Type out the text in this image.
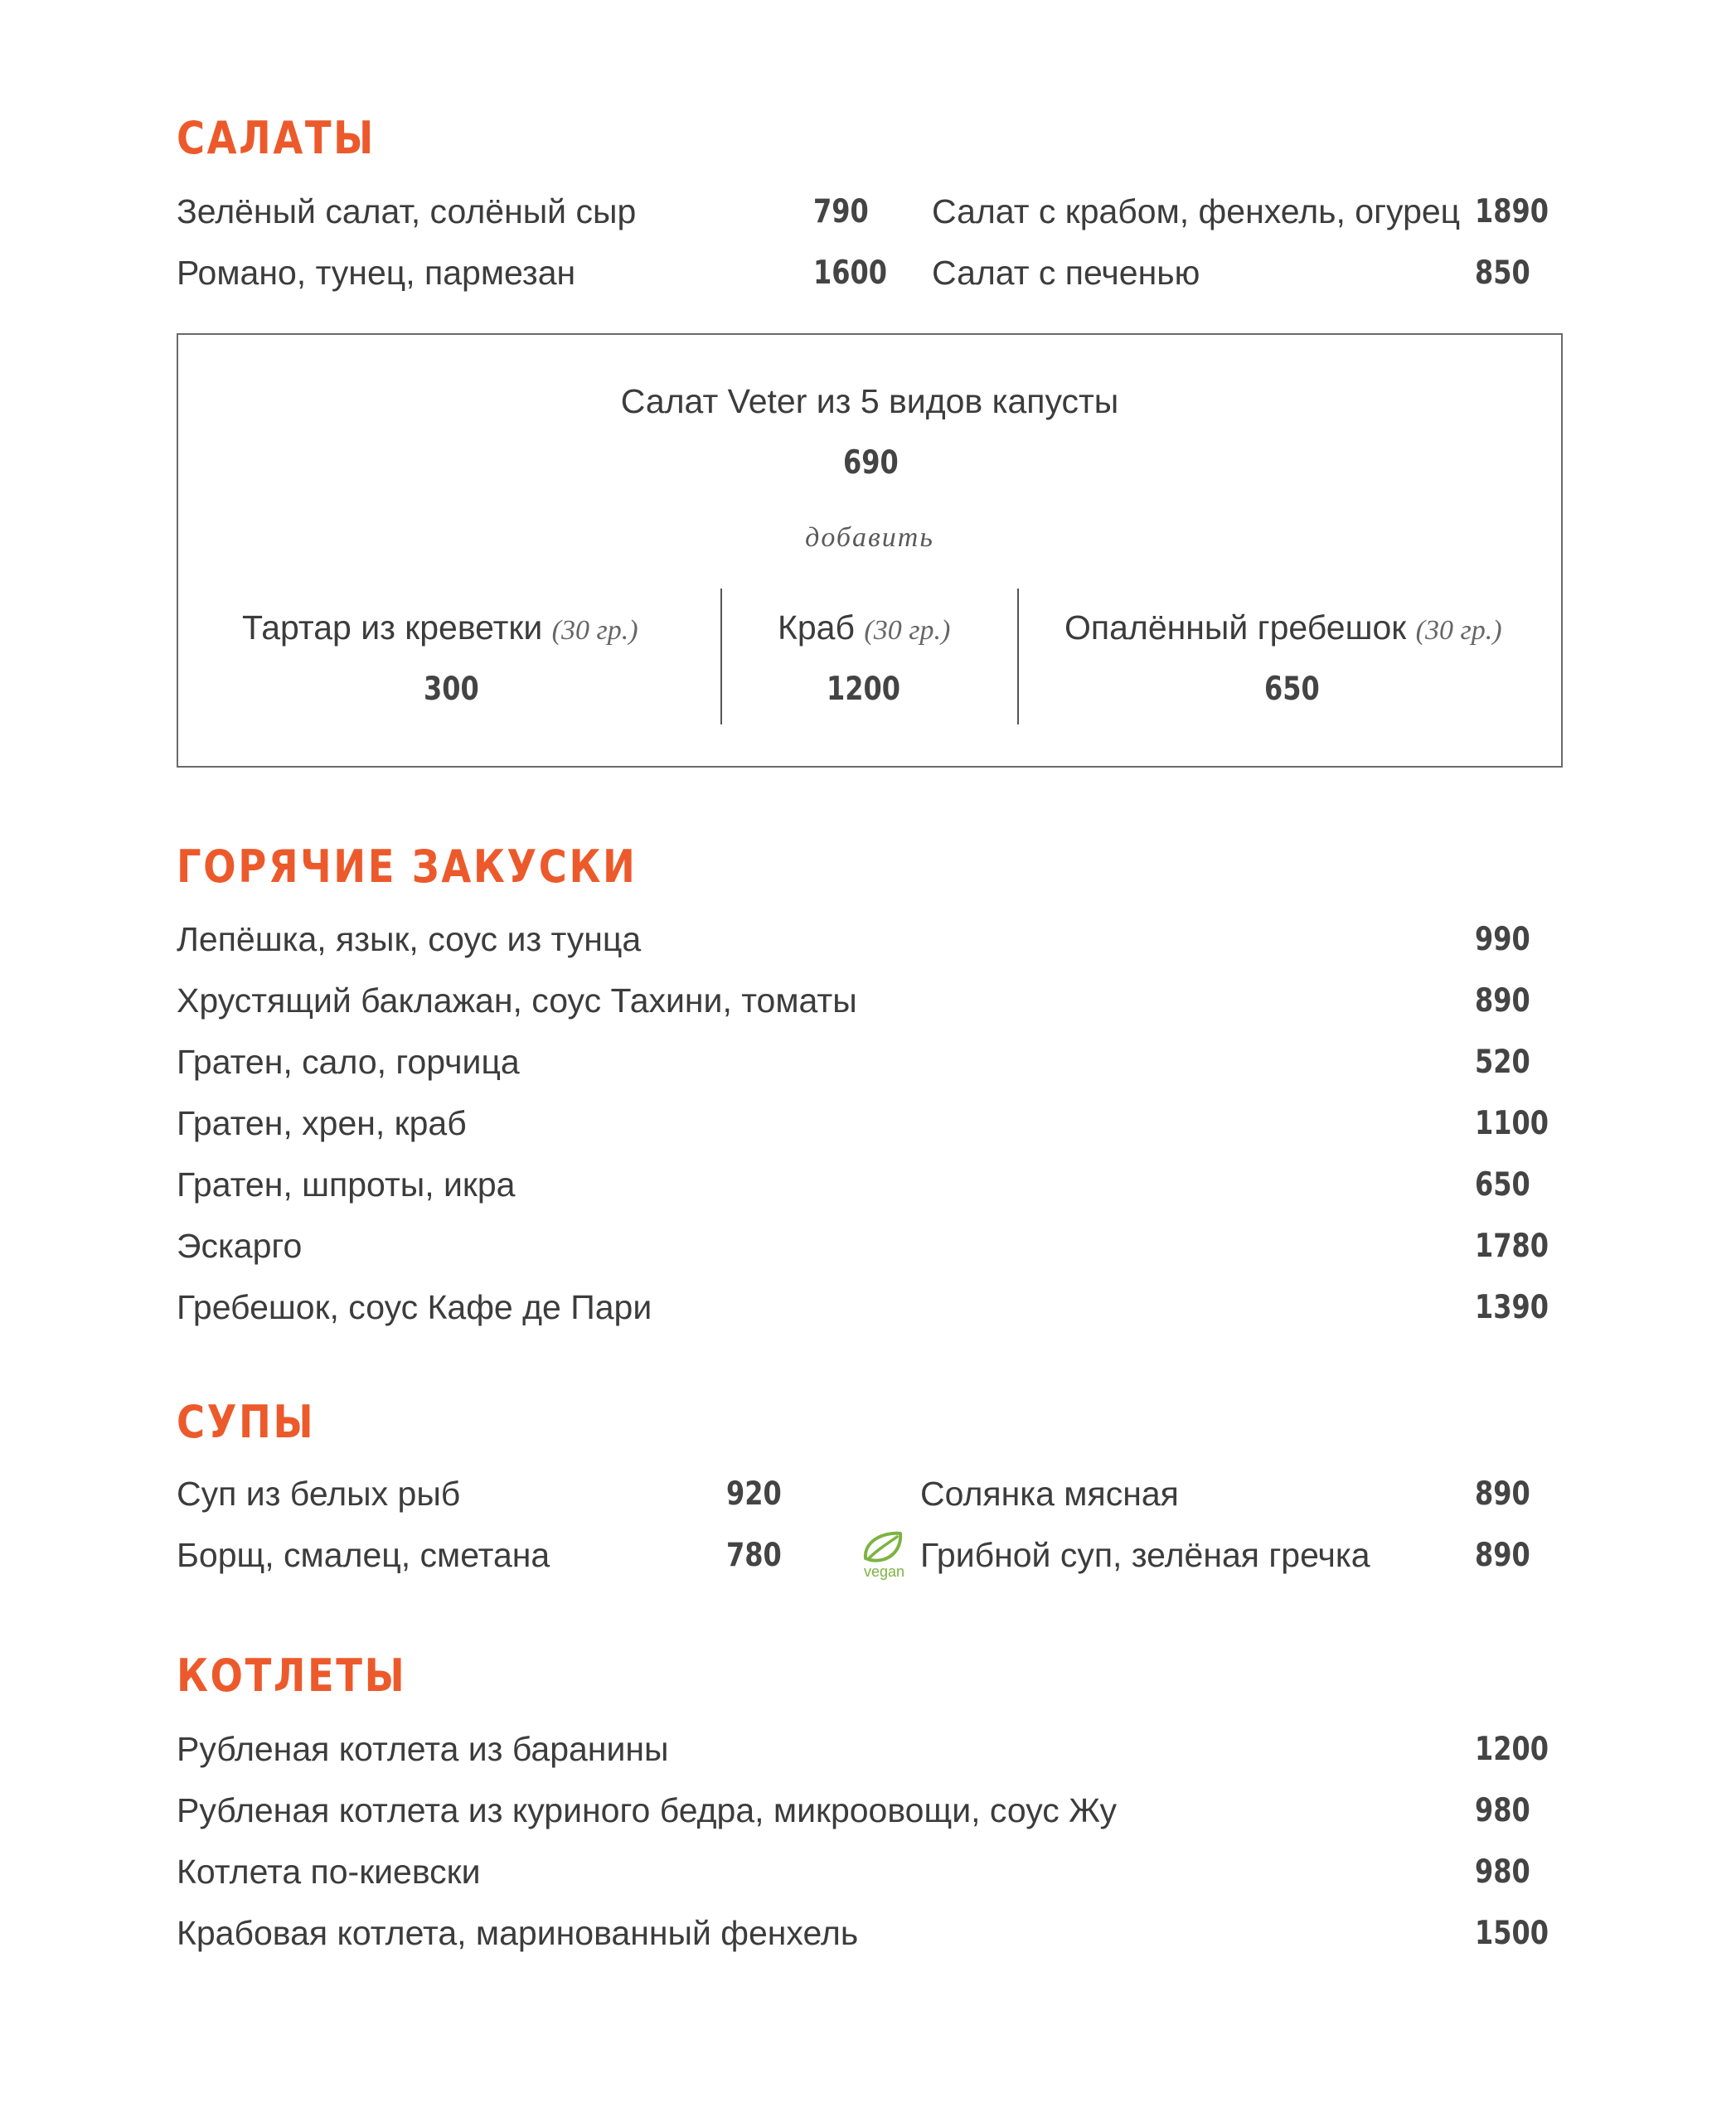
САЛАТЫ
Зелёный салат, солёный сыр	790
Романо, тунец, пармезан	1600
Салат с крабом, фенхель, огурец 1890
Салат с печенью	850
Салат Veter из 5 видов капусты
690
добавить
Тартар из креветки (30 гр.)
300
Краб (30 гр.)
1200
Опалённый гребешок (30 гр.)
650
ГОРЯЧИЕ ЗАКУСКИ
Лепёшка, язык, соус из тунца	990
Хрустящий баклажан, соус Тахини, томаты	890
Гратен, сало, горчица	520
Гратен, хрен, краб	1100
Гратен, шпроты, икра	650
Эскарго	1780
Гребешок, соус Кафе де Пари	1390
СУПЫ
Суп из белых рыб	920
Борщ, смалец, сметана	780
Солянка мясная	890
vegan Грибной суп, зелёная гречка	890
КОТЛЕТЫ
Рубленая котлета из баранины	1200
Рубленая котлета из куриного бедра, микроовощи, соус Жу	980
Котлета по-киевски	980
Крабовая котлета, маринованный фенхель	1500
